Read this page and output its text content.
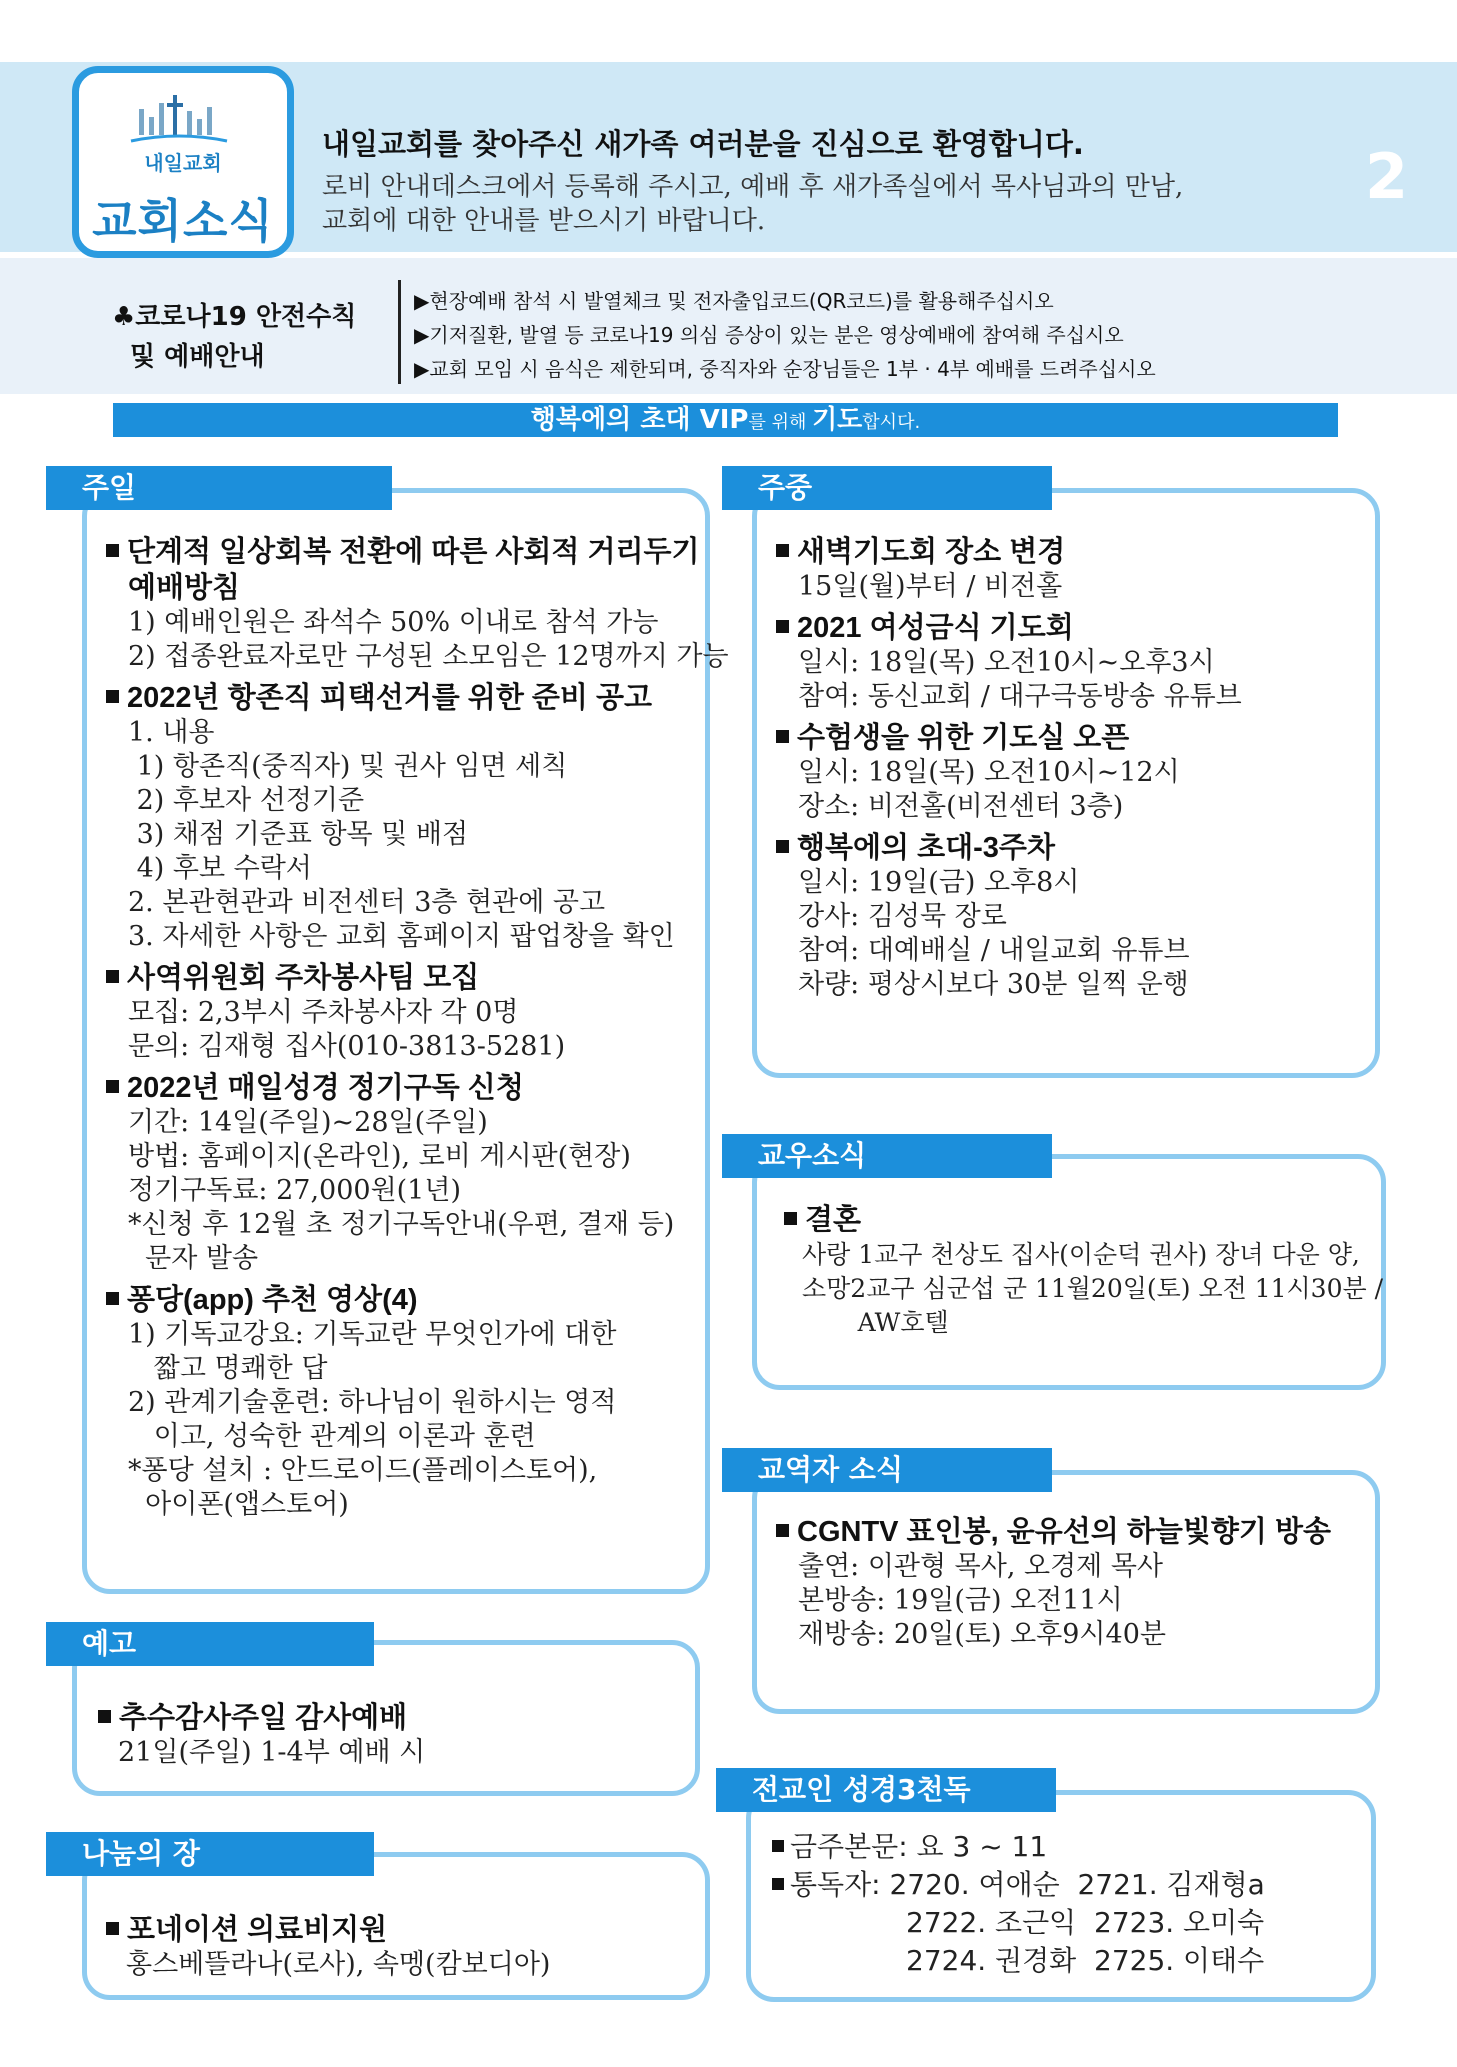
내일교회
교회소식
내일교회를 찾아주신 새가족 여러분을 진심으로 환영합니다.
로비 안내데스크에서 등록해 주시고, 예배 후 새가족실에서 목사님과의 만남,
교회에 대한 안내를 받으시기 바랍니다.
2
♣코로나19 안전수칙
및 예배안내
▶현장예배 참석 시 발열체크 및 전자출입코드(QR코드)를 활용해주십시오
▶기저질환, 발열 등 코로나19 의심 증상이 있는 분은 영상예배에 참여해 주십시오
▶교회 모임 시 음식은 제한되며, 중직자와 순장님들은 1부 · 4부 예배를 드려주십시오
행복에의 초대 VIP를 위해 기도합시다.
주일
단계적 일상회복 전환에 따른 사회적 거리두기
예배방침
1) 예배인원은 좌석수 50% 이내로 참석 가능
2) 접종완료자로만 구성된 소모임은 12명까지 가능
2022년 항존직 피택선거를 위한 준비 공고
1. 내용
1) 항존직(중직자) 및 권사 임면 세칙
2) 후보자 선정기준
3) 채점 기준표 항목 및 배점
4) 후보 수락서
2. 본관현관과 비전센터 3층 현관에 공고
3. 자세한 사항은 교회 홈페이지 팝업창을 확인
사역위원회 주차봉사팀 모집
모집: 2,3부시 주차봉사자 각 0명
문의: 김재형 집사(010-3813-5281)
2022년 매일성경 정기구독 신청
기간: 14일(주일)~28일(주일)
방법: 홈페이지(온라인), 로비 게시판(현장)
정기구독료: 27,000원(1년)
*신청 후 12월 초 정기구독안내(우편, 결재 등)
문자 발송
퐁당(app) 추천 영상(4)
1) 기독교강요: 기독교란 무엇인가에 대한
짧고 명쾌한 답
2) 관계기술훈련: 하나님이 원하시는 영적
이고, 성숙한 관계의 이론과 훈련
*퐁당 설치 : 안드로이드(플레이스토어),
아이폰(앱스토어)
예고
추수감사주일 감사예배
21일(주일) 1-4부 예배 시
나눔의 장
포네이션 의료비지원
홍스베뜰라나(로사), 속멩(캄보디아)
주중
새벽기도회 장소 변경
15일(월)부터 / 비전홀
2021 여성금식 기도회
일시: 18일(목) 오전10시~오후3시
참여: 동신교회 / 대구극동방송 유튜브
수험생을 위한 기도실 오픈
일시: 18일(목) 오전10시~12시
장소: 비전홀(비전센터 3층)
행복에의 초대-3주차
일시: 19일(금) 오후8시
강사: 김성묵 장로
참여: 대예배실 / 내일교회 유튜브
차량: 평상시보다 30분 일찍 운행
교우소식
결혼
사랑 1교구 천상도 집사(이순덕 권사) 장녀 다운 양,
소망2교구 심군섭 군 11월20일(토) 오전 11시30분 /
AW호텔
교역자 소식
CGNTV 표인봉, 윤유선의 하늘빛향기 방송
출연: 이관형 목사, 오경제 목사
본방송: 19일(금) 오전11시
재방송: 20일(토) 오후9시40분
전교인 성경3천독
금주본문: 요 3 ~ 11
통독자: 2720. 여애순  2721. 김재형a
2722. 조근익  2723. 오미숙
2724. 권경화  2725. 이태수
